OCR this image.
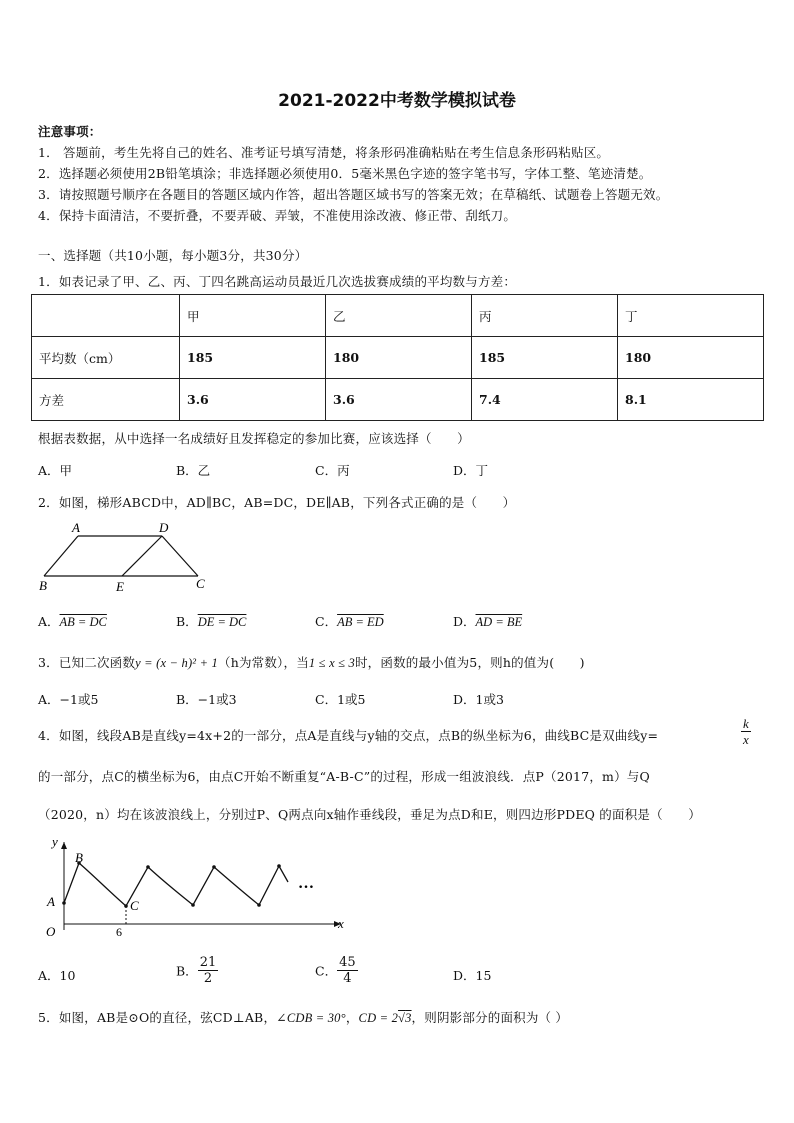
2021-2022中考数学模拟试卷
注意事项：
1． 答题前，考生先将自己的姓名、准考证号填写清楚，将条形码准确粘贴在考生信息条形码粘贴区。
2．选择题必须使用2B铅笔填涂；非选择题必须使用0．5毫米黑色字迹的签字笔书写，字体工整、笔迹清楚。
3．请按照题号顺序在各题目的答题区域内作答，超出答题区域书写的答案无效；在草稿纸、试题卷上答题无效。
4．保持卡面清洁，不要折叠，不要弄破、弄皱，不准使用涂改液、修正带、刮纸刀。
一、选择题（共10小题，每小题3分，共30分）
1．如表记录了甲、乙、丙、丁四名跳高运动员最近几次选拔赛成绩的平均数与方差：
	甲	乙	丙	丁
平均数（cm）	185	180	185	180
方差	3.6	3.6	7.4	8.1
根据表数据，从中选择一名成绩好且发挥稳定的参加比赛，应该选择（　　）
A．甲	B．乙	C．丙	D．丁
2．如图，梯形ABCD中，AD∥BC，AB=DC，DE∥AB，下列各式正确的是（　　）
A	D
B	E	C
A．AB = DC	B．DE = DC	C．AB = ED	D．AD = BE
3．已知二次函数y = (x − h)² + 1（h为常数），当1 ≤ x ≤ 3时，函数的最小值为5，则h的值为(　　)
A．−1或5	B．−1或3	C．1或5	D．1或3
4．如图，线段AB是直线y=4x+2的一部分，点A是直线与y轴的交点，点B的纵坐标为6，曲线BC是双曲线y=	$\frac{k}{x}$
的一部分，点C的横坐标为6，由点C开始不断重复“A-B-C”的过程，形成一组波浪线．点P（2017，m）与Q
（2020，n）均在该波浪线上，分别过P、Q两点向x轴作垂线段，垂足为点D和E，则四边形PDEQ 的面积是（　　）
y
x
O
A
B
C
6
…
A．10	B． $\frac{21}{2}$	C． $\frac{45}{4}$	D．15
5．如图，AB是⊙O的直径，弦CD⊥AB，∠CDB = 30°，CD = 2√3，则阴影部分的面积为（ ）
